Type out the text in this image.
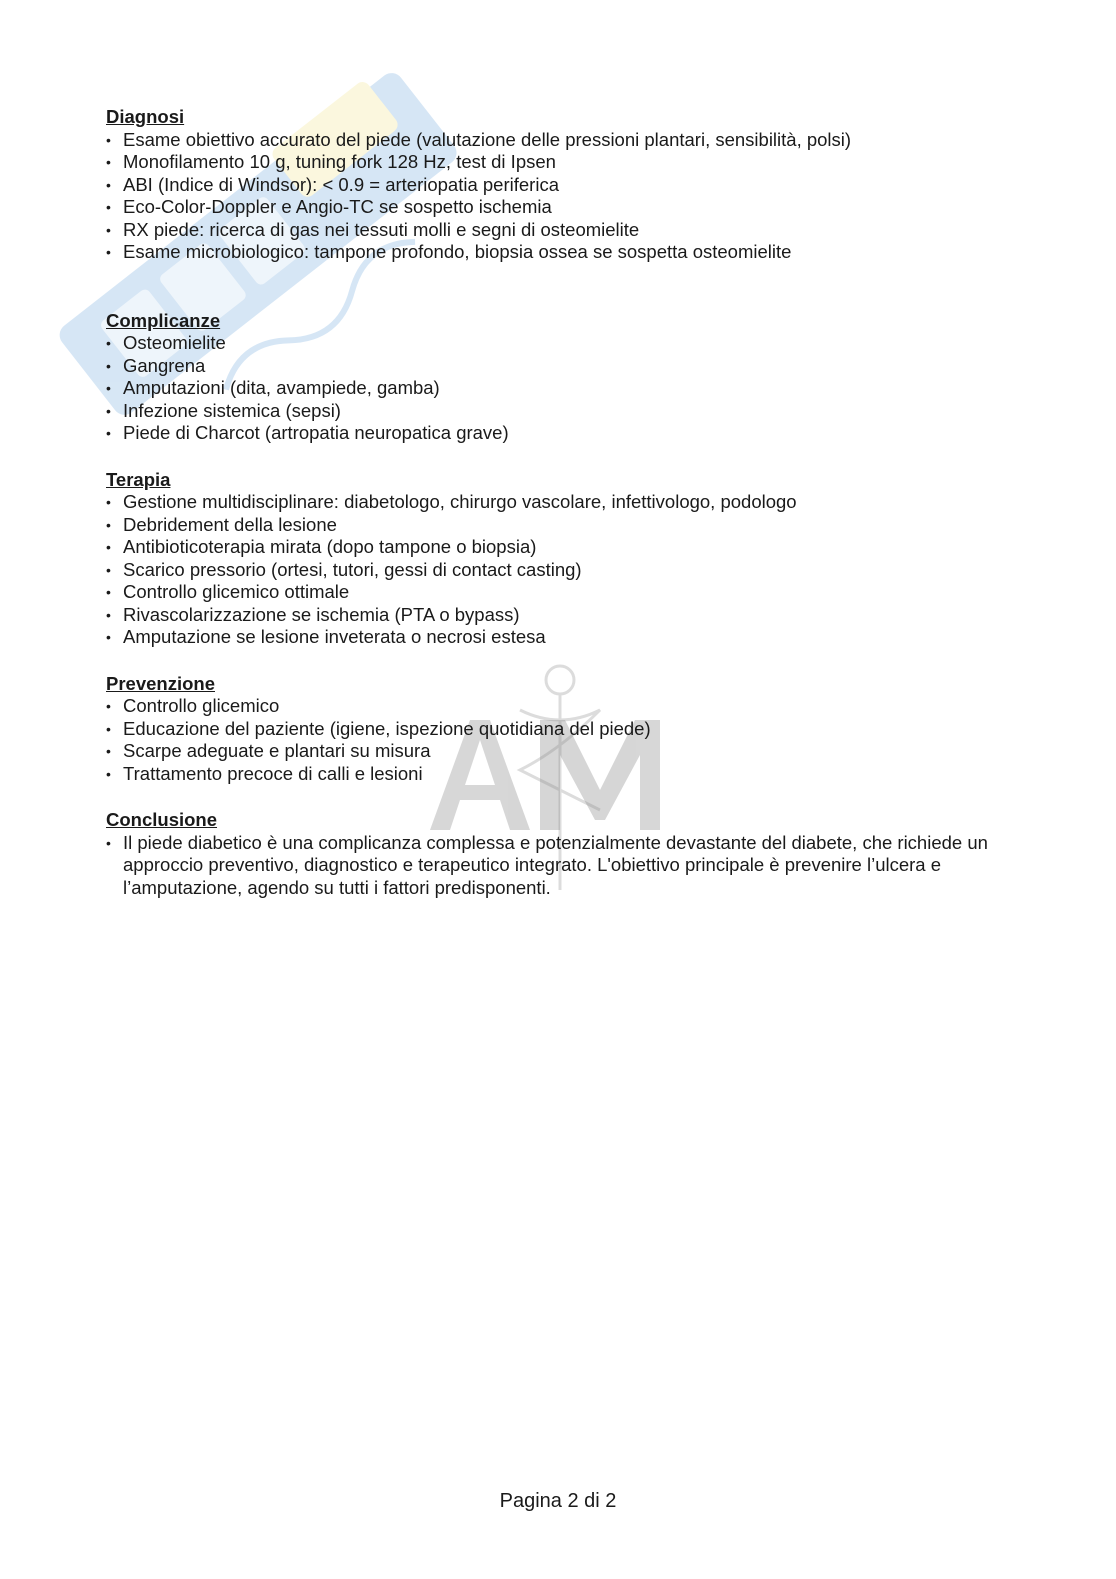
Diagnosi
• Esame obiettivo accurato del piede (valutazione delle pressioni plantari, sensibilità, polsi)
• Monofilamento 10 g, tuning fork 128 Hz, test di Ipsen
• ABI (Indice di Windsor): < 0.9 = arteriopatia periferica
• Eco-Color-Doppler e Angio-TC se sospetto ischemia
• RX piede: ricerca di gas nei tessuti molli e segni di osteomielite
• Esame microbiologico: tampone profondo, biopsia ossea se sospetta osteomielite
Complicanze
• Osteomielite
• Gangrena
• Amputazioni (dita, avampiede, gamba)
• Infezione sistemica (sepsi)
• Piede di Charcot (artropatia neuropatica grave)
Terapia
• Gestione multidisciplinare: diabetologo, chirurgo vascolare, infettivologo, podologo
• Debridement della lesione
• Antibioticoterapia mirata (dopo tampone o biopsia)
• Scarico pressorio (ortesi, tutori, gessi di contact casting)
• Controllo glicemico ottimale
• Rivascolarizzazione se ischemia (PTA o bypass)
• Amputazione se lesione inveterata o necrosi estesa
Prevenzione
• Controllo glicemico
• Educazione del paziente (igiene, ispezione quotidiana del piede)
• Scarpe adeguate e plantari su misura
• Trattamento precoce di calli e lesioni
Conclusione
• Il piede diabetico è una complicanza complessa e potenzialmente devastante del diabete, che richiede un approccio preventivo, diagnostico e terapeutico integrato. L'obiettivo principale è prevenire l’ulcera e l’amputazione, agendo su tutti i fattori predisponenti.
Pagina 2 di 2
